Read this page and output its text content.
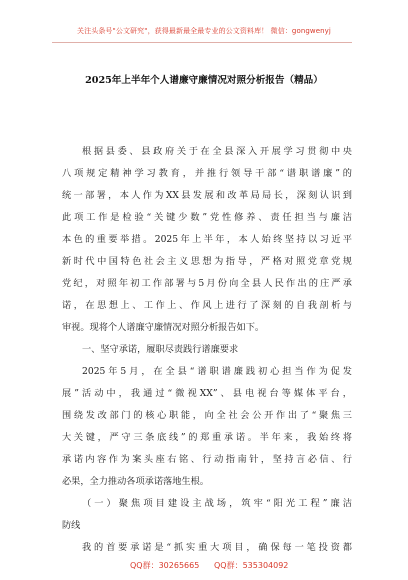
关注头条号"公文研究"，获得最新最全最专业的公文资料库！ 微信：gongwenyj
2025年上半年个人谱廉守廉情况对照分析报告（精品）
根据县委、县政府关于在全县深入开展学习贯彻中央
八项规定精神学习教育，并推行领导干部“谱职谱廉”的
统一部署，本人作为XX县发展和改革局局长，深刻认识到
此项工作是检验“关键少数”党性修养、责任担当与廉洁
本色的重要举措。2025年上半年，本人始终坚持以习近平
新时代中国特色社会主义思想为指导，严格对照党章党规
党纪，对照年初工作部署与5月份向全县人民作出的庄严承
诺，在思想上、工作上、作风上进行了深刻的自我剖析与
审视。现将个人谱廉守廉情况对照分析报告如下。
一、坚守承诺，履职尽责践行谱廉要求
2025年5月，在全县“谱职谱廉践初心担当作为促发
展”活动中，我通过“微视XX”、县电视台等媒体平台，
围绕发改部门的核心职能，向全社会公开作出了“聚焦三
大关键，严守三条底线”的郑重承诺。半年来，我始终将
承诺内容作为案头座右铭、行动指南针，坚持言必信、行
必果，全力推动各项承诺落地生根。
（一）聚焦项目建设主战场，筑牢“阳光工程”廉洁
防线
我的首要承诺是“抓实重大项目，确保每一笔投资都
QQ群：30265665 QQ群：535304092
